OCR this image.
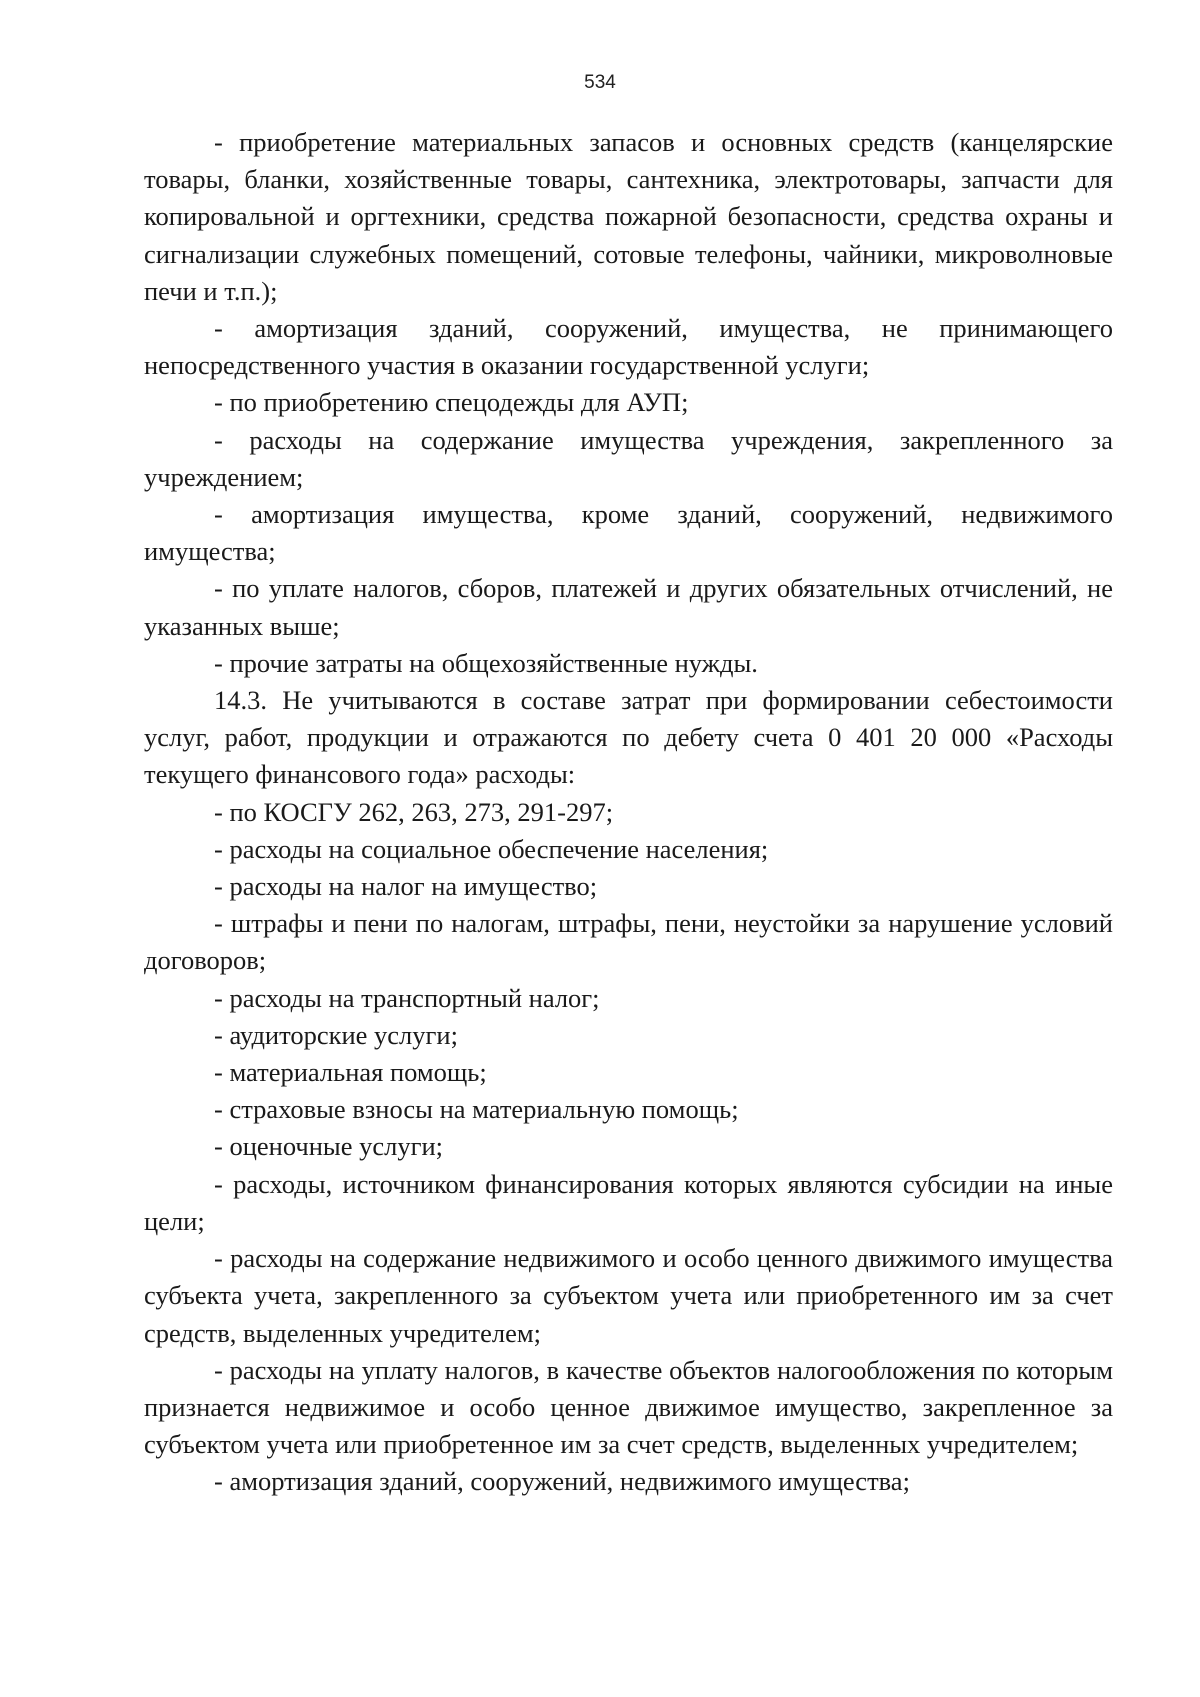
534

- приобретение материальных запасов и основных средств (канцелярские товары, бланки, хозяйственные товары, сантехника, электротовары, запчасти для копировальной и оргтехники, средства пожарной безопасности, средства охраны и сигнализации служебных помещений, сотовые телефоны, чайники, микроволновые печи и т.п.);

- амортизация зданий, сооружений, имущества, не принимающего непосредственного участия в оказании государственной услуги;

- по приобретению спецодежды для АУП;

- расходы на содержание имущества учреждения, закрепленного за учреждением;

- амортизация имущества, кроме зданий, сооружений, недвижимого имущества;

- по уплате налогов, сборов, платежей и других обязательных отчислений, не указанных выше;

- прочие затраты на общехозяйственные нужды.

14.3. Не учитываются в составе затрат при формировании себестоимости услуг, работ, продукции и отражаются по дебету счета 0 401 20 000 «Расходы текущего финансового года» расходы:

- по КОСГУ 262, 263, 273, 291-297;

- расходы на социальное обеспечение населения;

- расходы на налог на имущество;

- штрафы и пени по налогам, штрафы, пени, неустойки за нарушение условий договоров;

- расходы на транспортный налог;

- аудиторские услуги;

- материальная помощь;

- страховые взносы на материальную помощь;

- оценочные услуги;

- расходы, источником финансирования которых являются субсидии на иные цели;

- расходы на содержание недвижимого и особо ценного движимого имущества субъекта учета, закрепленного за субъектом учета или приобретенного им за счет средств, выделенных учредителем;

- расходы на уплату налогов, в качестве объектов налогообложения по которым признается недвижимое и особо ценное движимое имущество, закрепленное за субъектом учета или приобретенное им за счет средств, выделенных учредителем;

- амортизация зданий, сооружений, недвижимого имущества;
